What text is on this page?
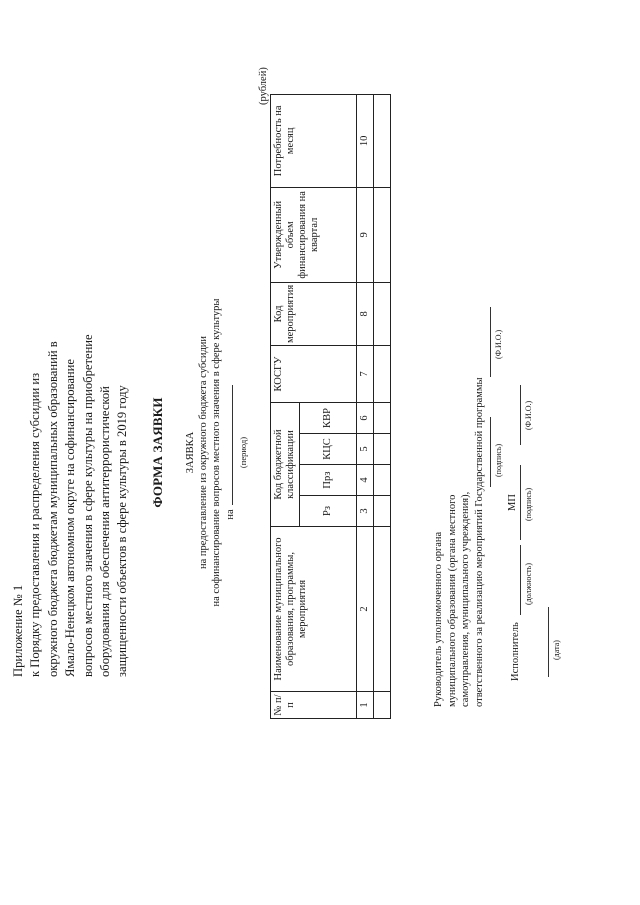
Приложение № 1 к Порядку предоставления и распределения субсидии из окружного бюджета бюджетам муниципальных образований в Ямало-Ненецком автономном округе на софинансирование вопросов местного значения в сфере культуры на приобретение оборудования для обеспечения антитеррористической защищенности объектов в сфере культуры в 2019 году ФОРМА ЗАЯВКИ ЗАЯВКА на предоставление из окружного бюджета субсидии на софинансирование вопросов местного значения в сфере культуры на
(период)
(рублей)
№ п/п	Наименование муниципального образования, программы, мероприятия	Код бюджетной классификации				КОСГУ	Код мероприятия	Утвержденный объем финансирования на квартал	Потребность на месяц
		Рз	Прз	КЦС	КВР				
1	2	3	4	5	6	7	8	9	10

Руководитель уполномоченного органа муниципального образования (органа местного самоуправления, муниципального учреждения), ответственного за реализацию мероприятий Государственной программы (подпись)
(Ф.И.О.)
Исполнитель
(должность)
(подпись)
МП
(Ф.И.О.)
(дата)
